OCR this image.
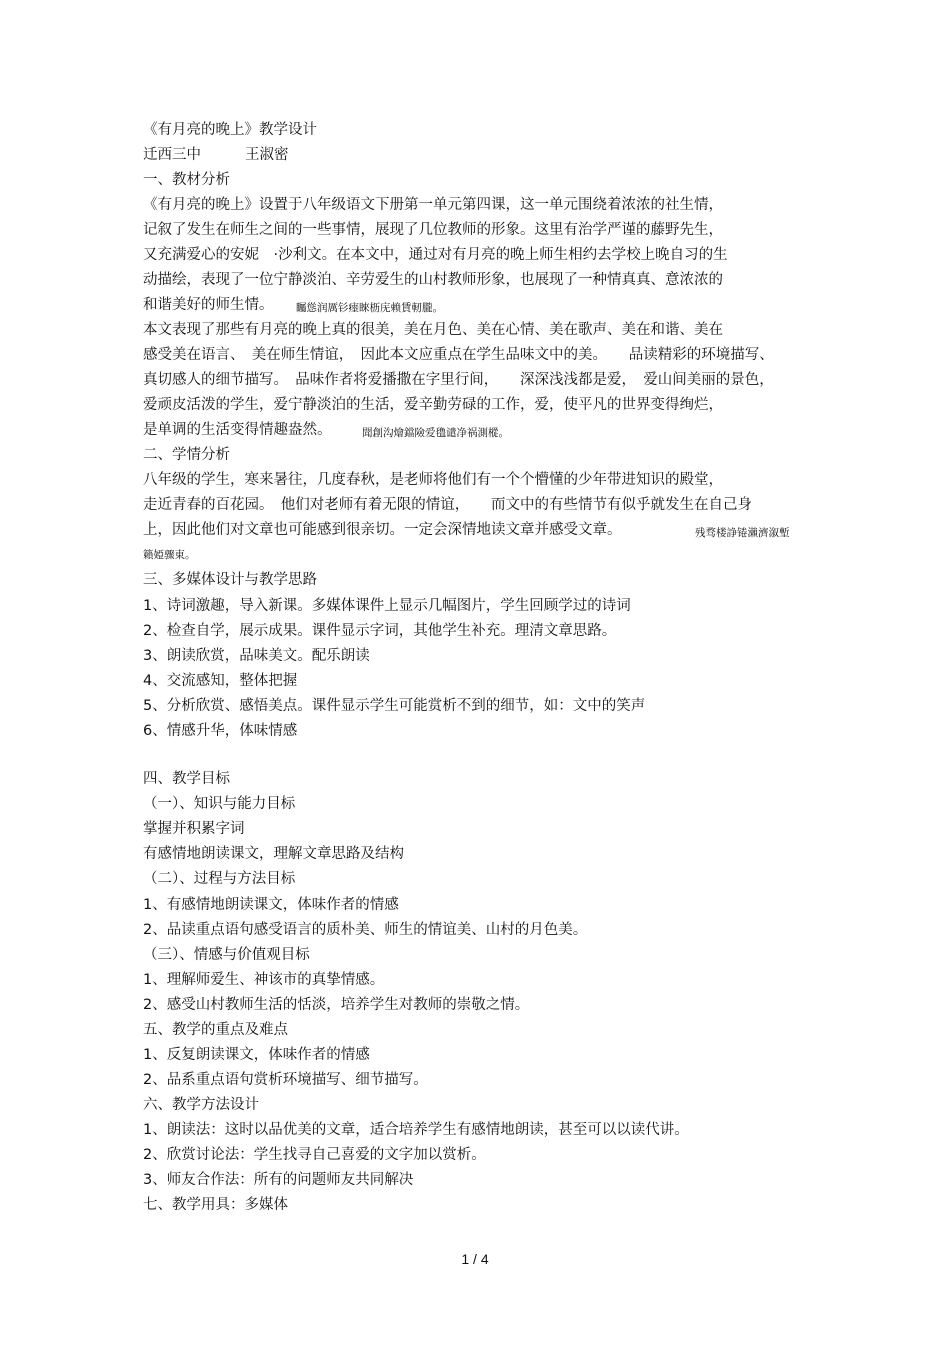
《有月亮的晚上》教学设计
迁西三中	王淑密
一、教材分析
《有月亮的晚上》设置于八年级语文下册第一单元第四课，这一单元围绕着浓浓的社生情，
记叙了发生在师生之间的一些事情，展现了几位教师的形象。这里有治学严谨的藤野先生，
又充满爱心的安妮　·沙利文。在本文中，通过对有月亮的晚上师生相约去学校上晚自习的生
动描绘，表现了一位宁静淡泊、辛劳爱生的山村教师形象，也展现了一种情真真、意浓浓的
和谐美好的师生情。 矚慫润厲钐瘗睞枥庑赖賃軔朧。
本文表现了那些有月亮的晚上真的很美，美在月色、美在心情、美在歌声、美在和谐、美在
感受美在语言、　美在师生情谊，　因此本文应重点在学生品味文中的美。　　品读精彩的环境描写、
真切感人的细节描写。　品味作者将爱播撒在字里行间，　　深深浅浅都是爱，　爱山间美丽的景色，
爱顽皮活泼的学生，爱宁静淡泊的生活，爱辛勤劳碌的工作，爱，使平凡的世界变得绚烂，
是单调的生活变得情趣盎然。	聞創沟燴鐺險爱氇谴净祸測樅。
二、学情分析
八年级的学生，寒来暑往，几度春秋，是老师将他们有一个个懵懂的少年带进知识的殿堂，
走近青春的百花园。　他们对老师有着无限的情谊，　　而文中的有些情节有似乎就发生在自己身
上，因此他们对文章也可能感到很亲切。一定会深情地读文章并感受文章。	残骛楼諍锩瀨濟溆塹
籟婭骤東。
三、多媒体设计与教学思路
1、诗词激趣，导入新课。多媒体课件上显示几幅图片，学生回顾学过的诗词
2、检查自学，展示成果。课件显示字词，其他学生补充。理清文章思路。
3、朗读欣赏，品味美文。配乐朗读
4、交流感知，整体把握
5、分析欣赏、感悟美点。课件显示学生可能赏析不到的细节，如：文中的笑声
6、情感升华，体味情感
四、教学目标
（一）、知识与能力目标
掌握并积累字词
有感情地朗读课文，理解文章思路及结构
（二）、过程与方法目标
1、有感情地朗读课文，体味作者的情感
2、品读重点语句感受语言的质朴美、师生的情谊美、山村的月色美。
（三）、情感与价值观目标
1、理解师爱生、神该市的真挚情感。
2、感受山村教师生活的恬淡，培养学生对教师的崇敬之情。
五、教学的重点及难点
1、反复朗读课文，体味作者的情感
2、品系重点语句赏析环境描写、细节描写。
六、教学方法设计
1、朗读法：这时以品优美的文章，适合培养学生有感情地朗读，甚至可以以读代讲。
2、欣赏讨论法：学生找寻自己喜爱的文字加以赏析。
3、师友合作法：所有的问题师友共同解决
七、教学用具：多媒体
1 / 4
